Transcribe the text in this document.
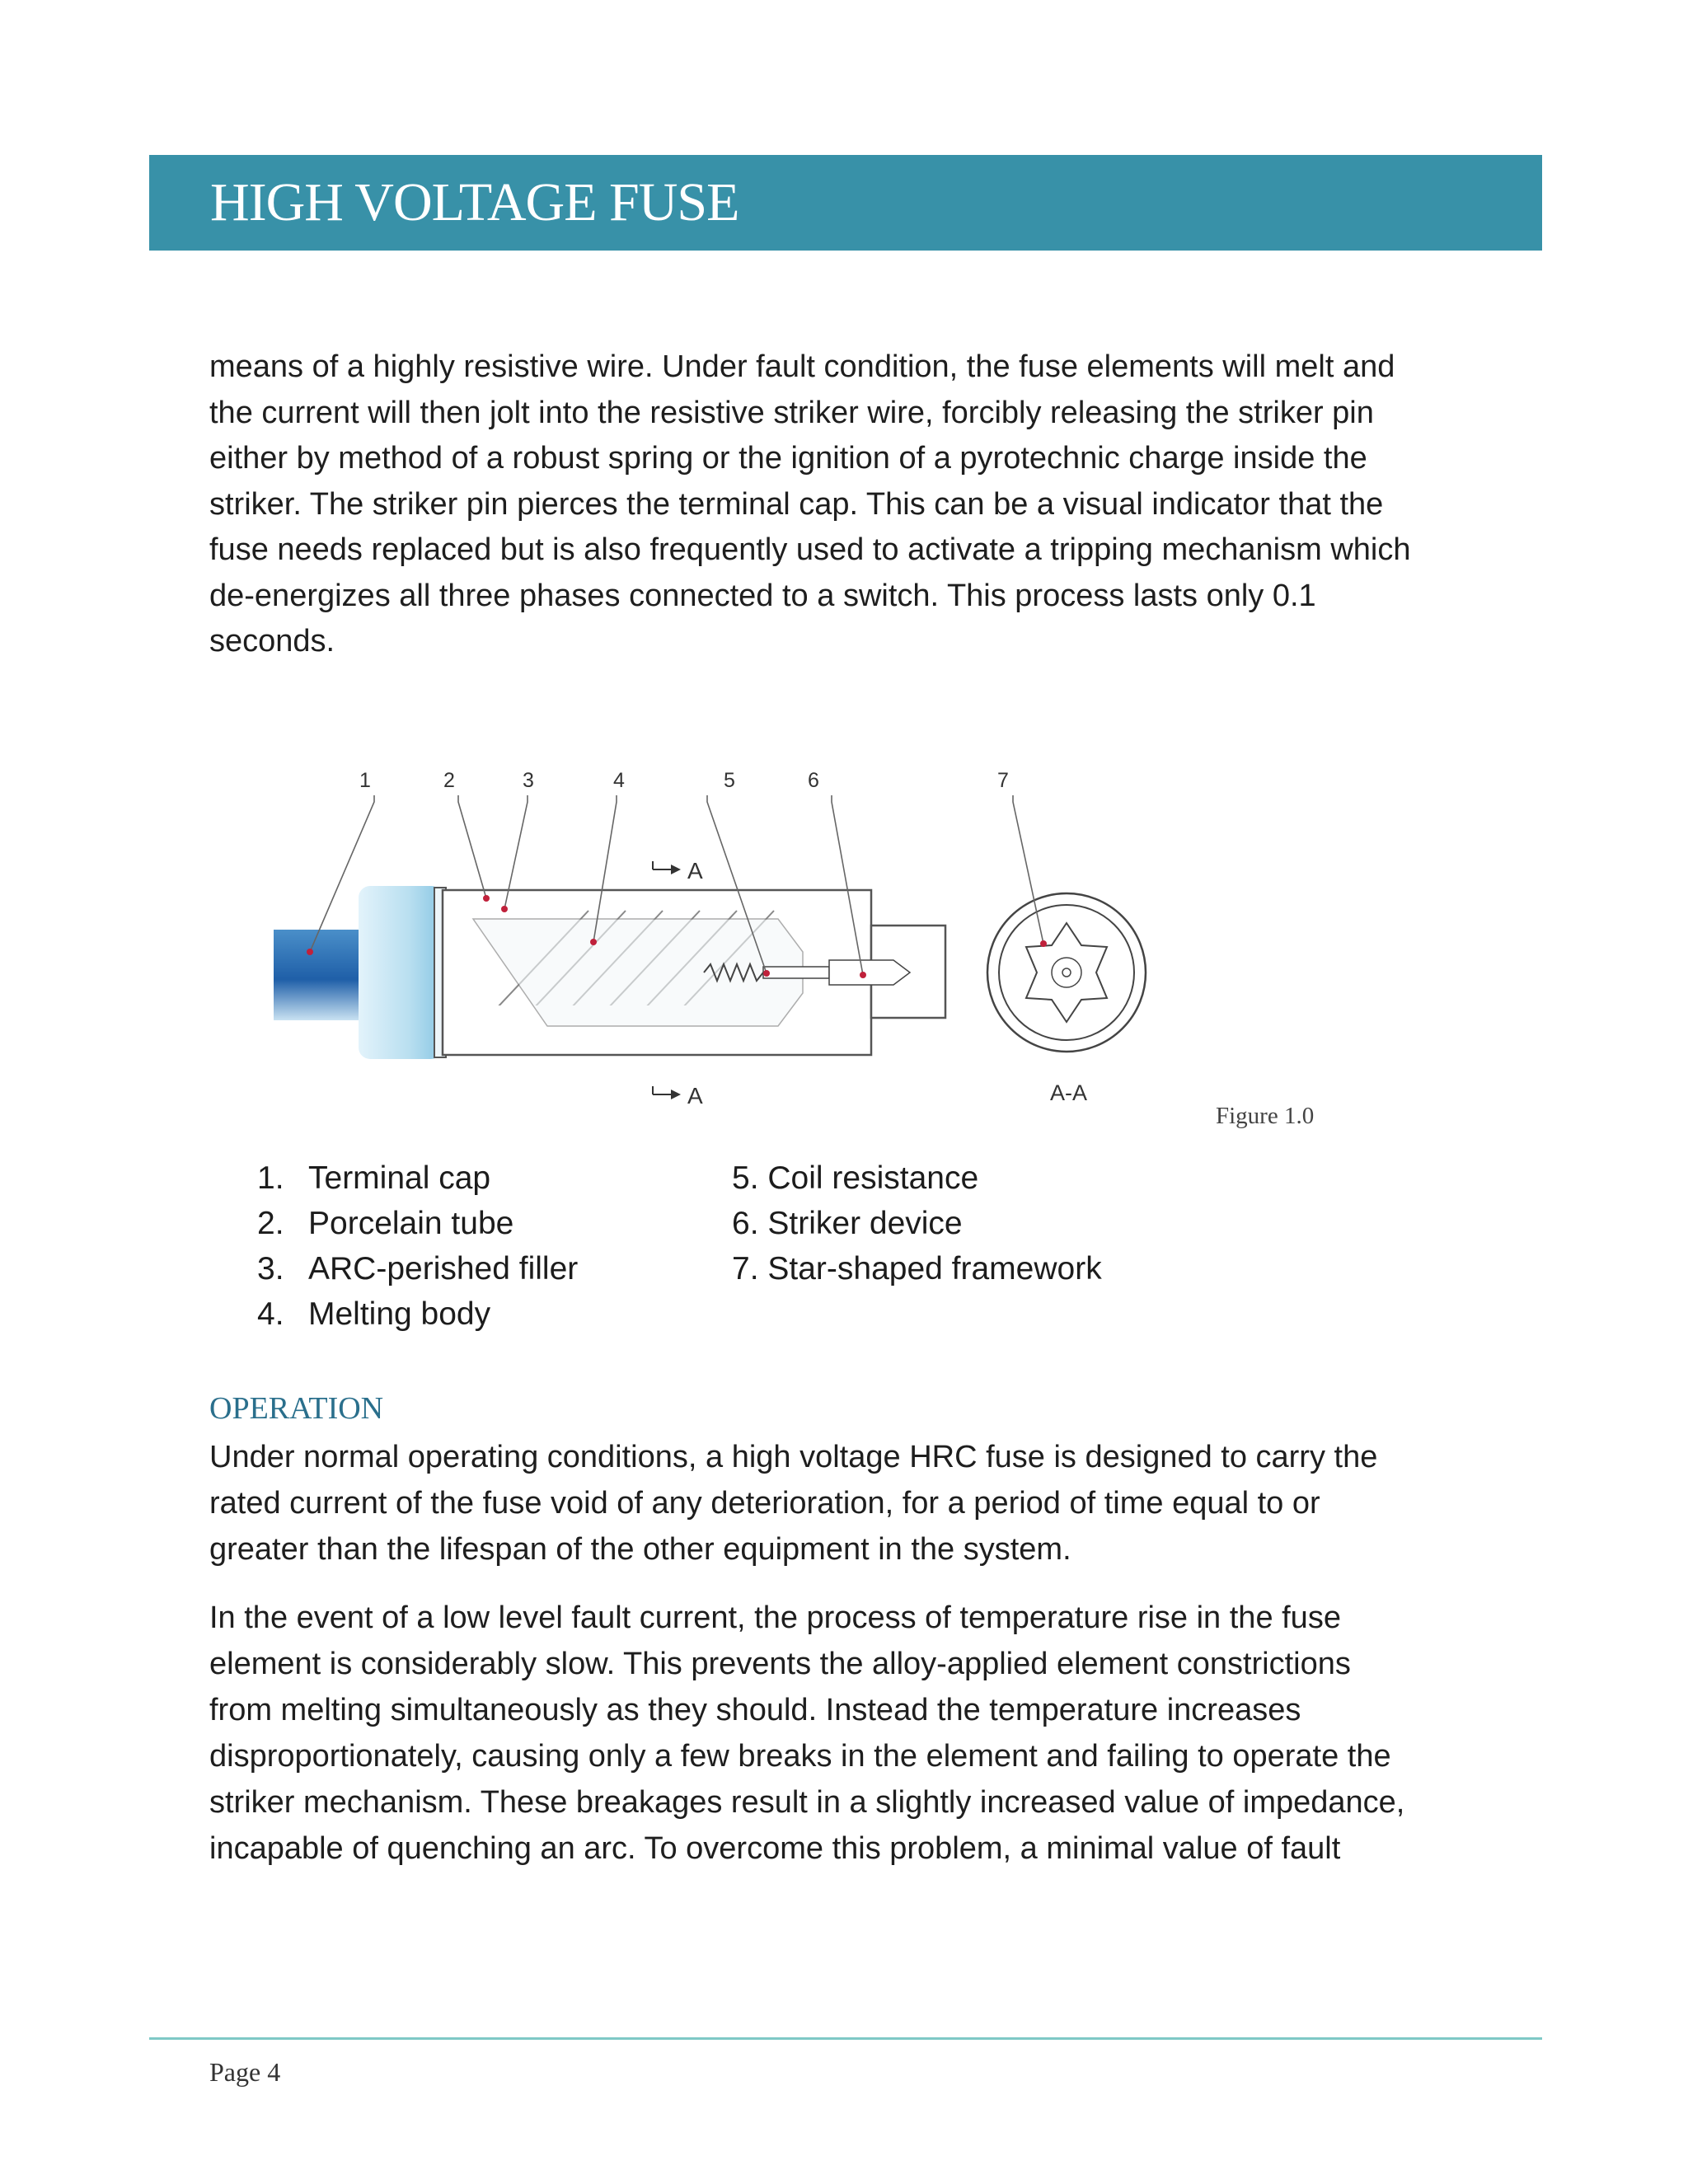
HIGH VOLTAGE FUSE
means of a highly resistive wire. Under fault condition, the fuse elements will melt and
the current will then jolt into the resistive striker wire, forcibly releasing the striker pin
either by method of a robust spring or the ignition of a pyrotechnic charge inside the
striker. The striker pin pierces the terminal cap. This can be a visual indicator that the
fuse needs replaced but is also frequently used to activate a tripping mechanism which
de-energizes all three phases connected to a switch. This process lasts only 0.1
seconds.
A
A	A-A
1	2	3	4	5	6	7
Figure 1.0
1. Terminal cap
2. Porcelain tube
3. ARC-perished filler
4. Melting body
5. Coil resistance
6. Striker device
7. Star-shaped framework
OPERATION
Under normal operating conditions, a high voltage HRC fuse is designed to carry the
rated current of the fuse void of any deterioration, for a period of time equal to or
greater than the lifespan of the other equipment in the system.
In the event of a low level fault current, the process of temperature rise in the fuse
element is considerably slow. This prevents the alloy-applied element constrictions
from melting simultaneously as they should. Instead the temperature increases
disproportionately, causing only a few breaks in the element and failing to operate the
striker mechanism. These breakages result in a slightly increased value of impedance,
incapable of quenching an arc. To overcome this problem, a minimal value of fault
Page 4
